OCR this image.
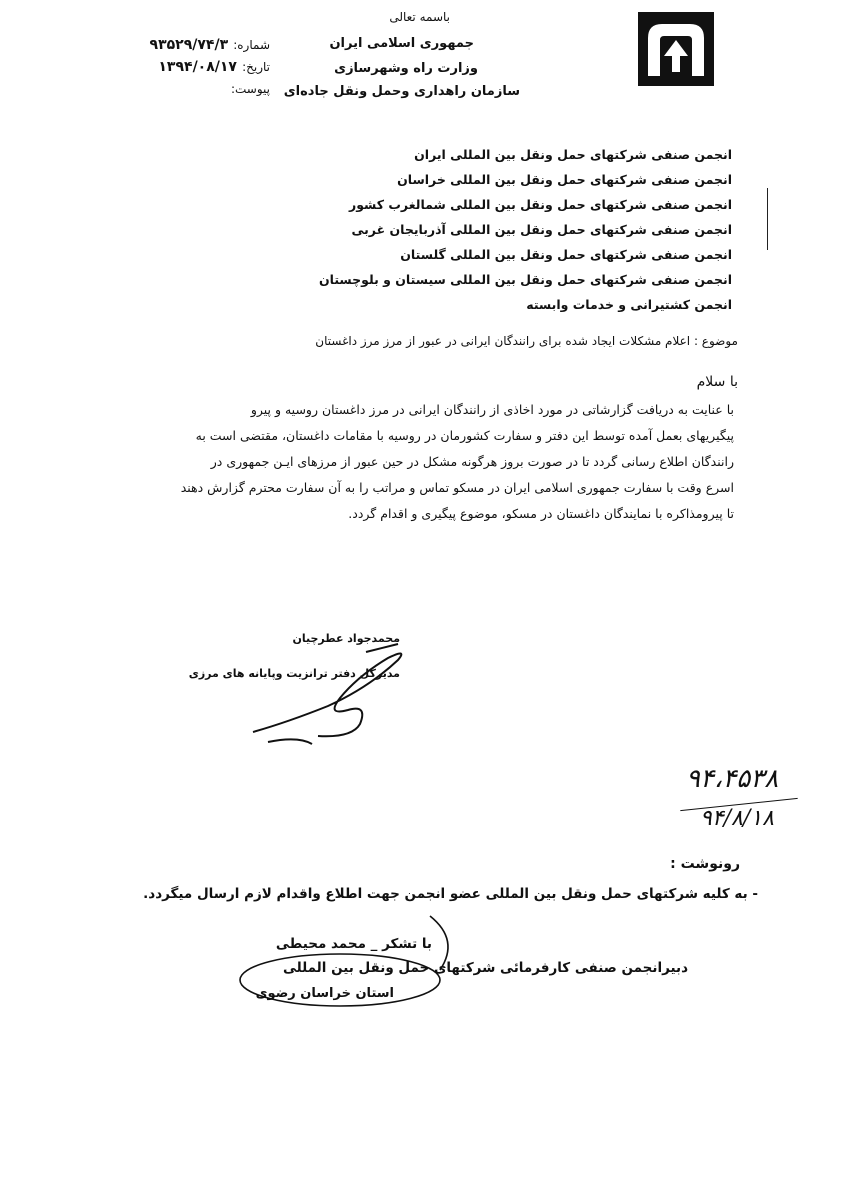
باسمه تعالی
جمهوری اسلامی ایران
وزارت راه وشهرسازی
سازمان راهداری وحمل ونقل جاده‌ای
شماره: ۹۳۵۲۹/۷۴/۳
تاریخ: ۱۳۹۴/۰۸/۱۷
پیوست:
انجمن صنفی شرکتهای حمل ونقل بین المللی ایران
انجمن صنفی شرکتهای حمل ونقل بین المللی خراسان
انجمن صنفی شرکتهای حمل ونقل بین المللی شمالغرب کشور
انجمن صنفی شرکتهای حمل ونقل بین المللی آذربایجان غربی
انجمن صنفی شرکتهای حمل ونقل بین المللی گلستان
انجمن صنفی شرکتهای حمل ونقل بین المللی سیستان و بلوچستان
انجمن کشتیرانی و خدمات وابسته
موضوع : اعلام مشکلات ایجاد شده برای رانندگان ایرانی در عبور از مرز مرز داغستان
با سلام
با عنایت به دریافت گزارشاتی در مورد اخاذی از رانندگان ایرانی در مرز داغستان روسیه و پیرو
پیگیریهای بعمل آمده توسط این دفتر و سفارت کشورمان در روسیه با مقامات داغستان، مقتضی است به
رانندگان اطلاع رسانی گردد تا در صورت بروز هرگونه مشکل در حین عبور از مرزهای ایـن جمهوری در
اسرع وقت با سفارت جمهوری اسلامی ایران در مسکو تماس و مراتب را به آن سفارت محترم گزارش دهند
تا پیرومذاکره با نمایندگان داغستان در مسکو، موضوع پیگیری و اقدام گردد.
محمدجواد عطرچیان
مدیرکل دفتر ترانزیت وپایانه های مرزی
۹۴،۴۵۳۸
۹۴/۸/۱۸
رونوشت :
- به کلیه شرکتهای حمل ونقل بین المللی عضو انجمن جهت اطلاع واقدام لازم ارسال میگردد.
با تشکر _ محمد محیطی
دبیرانجمن صنفی کارفرمائی شرکتهای حمل ونقل بین المللی
استان خراسان رضوی
